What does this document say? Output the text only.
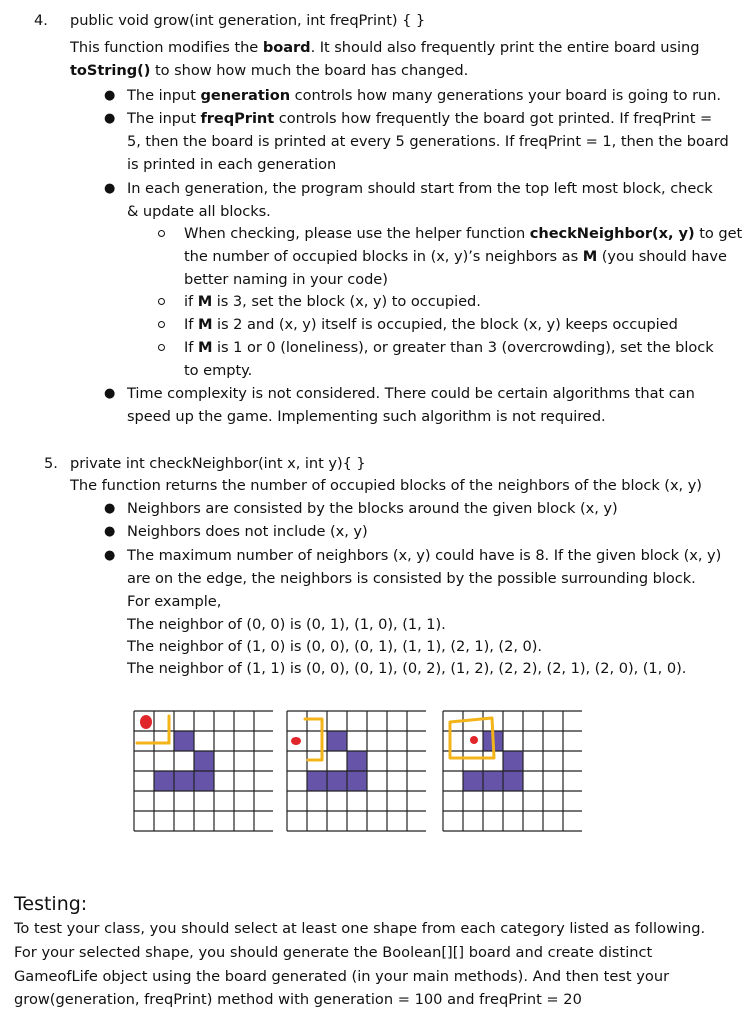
4. public void grow(int generation, int freqPrint) { }
This function modifies the board. It should also frequently print the entire board using
toString() to show how much the board has changed.
● The input generation controls how many generations your board is going to run.
● The input freqPrint controls how frequently the board got printed. If freqPrint =
5, then the board is printed at every 5 generations. If freqPrint = 1, then the board
is printed in each generation
● In each generation, the program should start from the top left most block, check
& update all blocks.
When checking, please use the helper function checkNeighbor(x, y) to get
the number of occupied blocks in (x, y)’s neighbors as M (you should have
better naming in your code)
if M is 3, set the block (x, y) to occupied.
If M is 2 and (x, y) itself is occupied, the block (x, y) keeps occupied
If M is 1 or 0 (loneliness), or greater than 3 (overcrowding), set the block
to empty.
● Time complexity is not considered. There could be certain algorithms that can
speed up the game. Implementing such algorithm is not required.
5. private int checkNeighbor(int x, int y){ }
The function returns the number of occupied blocks of the neighbors of the block (x, y)
● Neighbors are consisted by the blocks around the given block (x, y)
● Neighbors does not include (x, y)
● The maximum number of neighbors (x, y) could have is 8. If the given block (x, y)
are on the edge, the neighbors is consisted by the possible surrounding block.
For example,
The neighbor of (0, 0) is (0, 1), (1, 0), (1, 1).
The neighbor of (1, 0) is (0, 0), (0, 1), (1, 1), (2, 1), (2, 0).
The neighbor of (1, 1) is (0, 0), (0, 1), (0, 2), (1, 2), (2, 2), (2, 1), (2, 0), (1, 0).
Testing:
To test your class, you should select at least one shape from each category listed as following.
For your selected shape, you should generate the Boolean[][] board and create distinct
GameofLife object using the board generated (in your main methods). And then test your
grow(generation, freqPrint) method with generation = 100 and freqPrint = 20
